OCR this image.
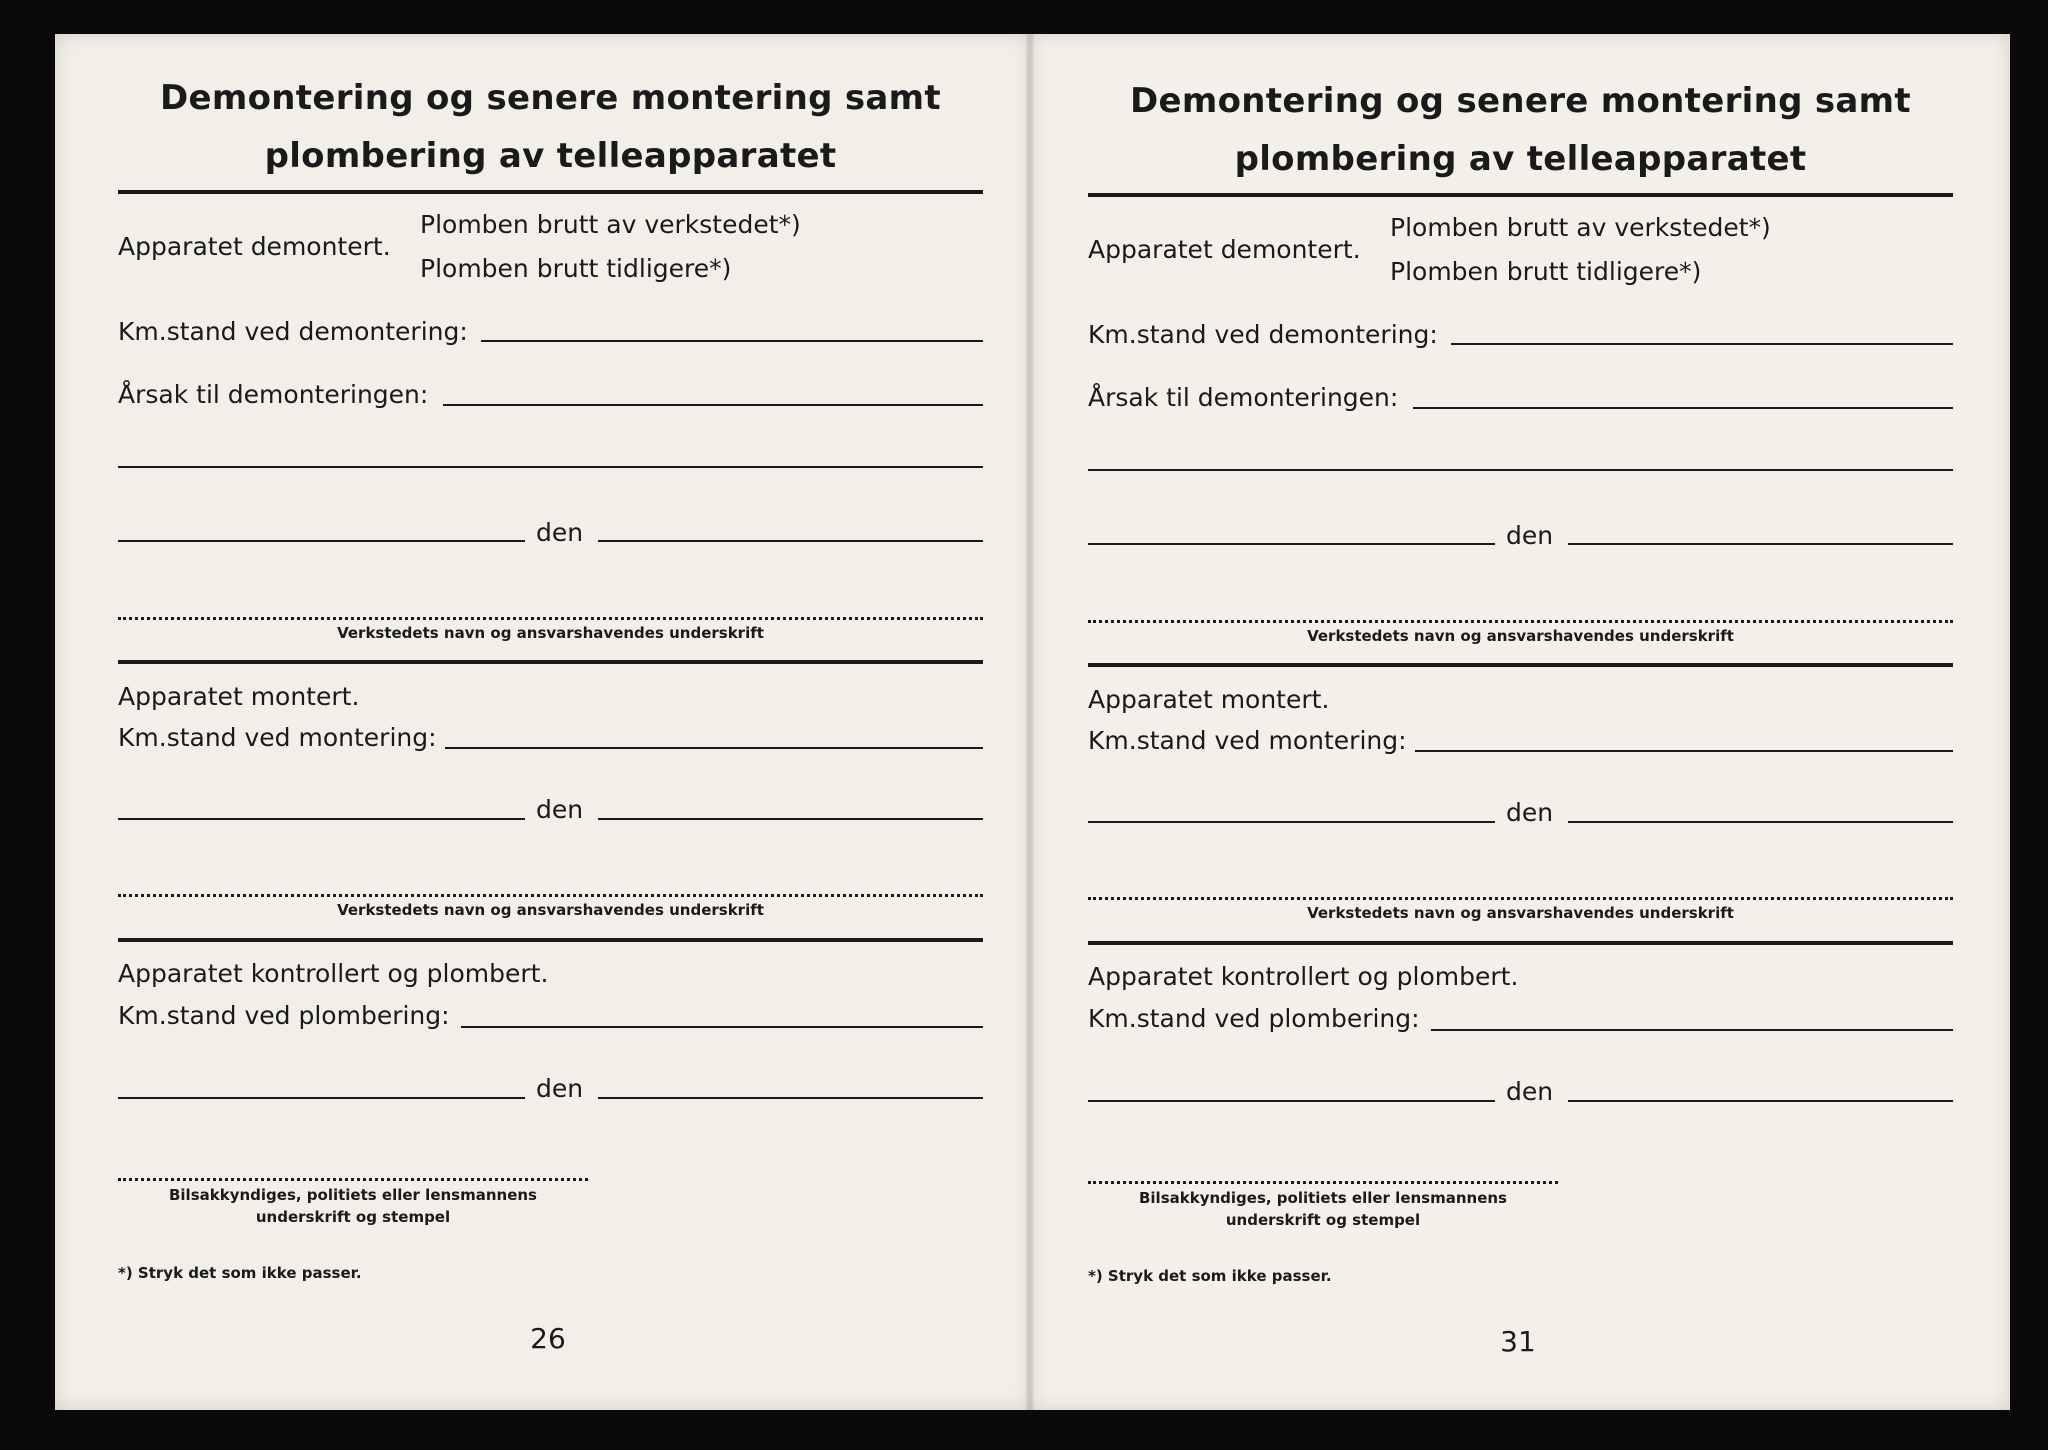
Demontering og senere montering samt
plombering av telleapparatet
Apparatet demontert.
Plomben brutt av verkstedet*)
Plomben brutt tidligere*)
Km.stand ved demontering:
Årsak til demonteringen:
den
Verkstedets navn og ansvarshavendes underskrift
Apparatet montert.
Km.stand ved montering:
den
Verkstedets navn og ansvarshavendes underskrift
Apparatet kontrollert og plombert.
Km.stand ved plombering:
den
Bilsakkyndiges, politiets eller lensmannens
underskrift og stempel
*) Stryk det som ikke passer.
26
Demontering og senere montering samt
plombering av telleapparatet
Apparatet demontert.
Plomben brutt av verkstedet*)
Plomben brutt tidligere*)
Km.stand ved demontering:
Årsak til demonteringen:
den
Verkstedets navn og ansvarshavendes underskrift
Apparatet montert.
Km.stand ved montering:
den
Verkstedets navn og ansvarshavendes underskrift
Apparatet kontrollert og plombert.
Km.stand ved plombering:
den
Bilsakkyndiges, politiets eller lensmannens
underskrift og stempel
*) Stryk det som ikke passer.
31
